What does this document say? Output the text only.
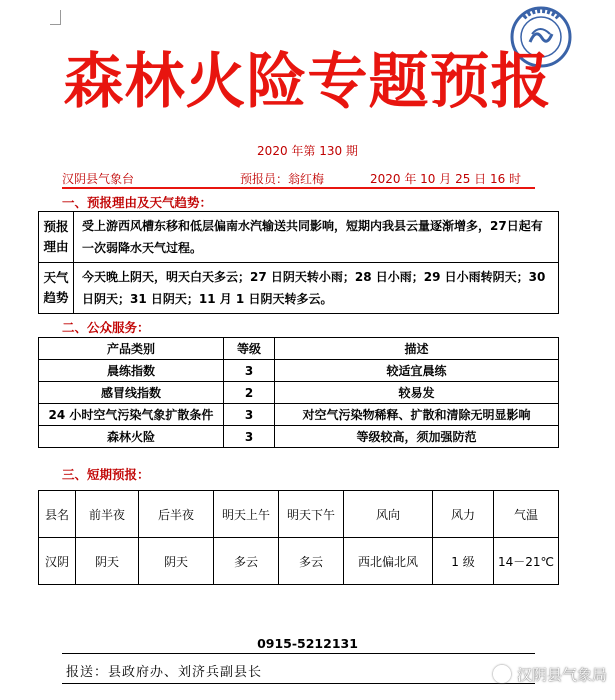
森林火险专题预报
2020 年第 130 期
汉阴县气象台	预报员：翁红梅	2020 年 10 月 25 日 16 时
一、预报理由及天气趋势：
预报理由	受上游西风槽东移和低层偏南水汽输送共同影响，短期内我县云量逐渐增多，27日起有一次弱降水天气过程。
天气趋势	今天晚上阴天，明天白天多云；27 日阴天转小雨；28 日小雨；29 日小雨转阴天；30 日阴天；31 日阴天；11 月 1 日阴天转多云。
二、公众服务：
产品类别	等级	描述
晨练指数	3	较适宜晨练
感冒线指数	2	较易发
24 小时空气污染气象扩散条件	3	对空气污染物稀释、扩散和清除无明显影响
森林火险	3	等级较高，须加强防范
三、短期预报：
县名	前半夜	后半夜	明天上午	明天下午	风向	风力	气温
汉阴	阴天	阴天	多云	多云	西北偏北风	1 级	14－21℃
0915-5212131
报送：县政府办、刘济兵副县长	汉阴县气象局
